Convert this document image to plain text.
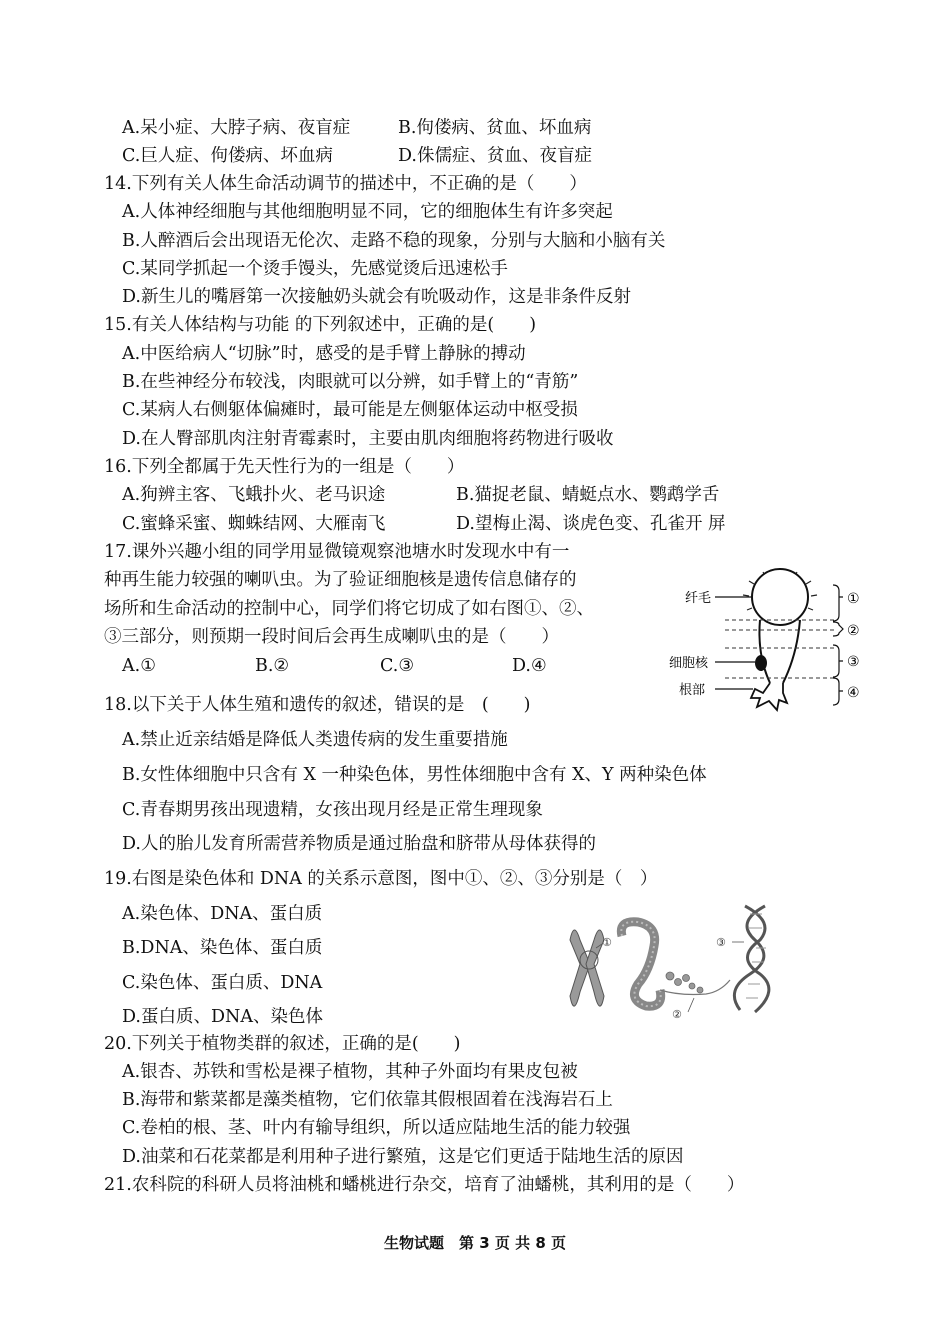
A.呆小症、大脖子病、夜盲症	B.佝偻病、贫血、坏血病
C.巨人症、佝偻病、坏血病	D.侏儒症、贫血、夜盲症
14.下列有关人体生命活动调节的描述中，不正确的是（　　）
A.人体神经细胞与其他细胞明显不同，它的细胞体生有许多突起
B.人醉酒后会出现语无伦次、走路不稳的现象，分别与大脑和小脑有关
C.某同学抓起一个烫手馒头，先感觉烫后迅速松手
D.新生儿的嘴唇第一次接触奶头就会有吮吸动作，这是非条件反射
15.有关人体结构与功能 的下列叙述中，正确的是(　　)
A.中医给病人“切脉”时，感受的是手臂上静脉的搏动
B.在些神经分布较浅，肉眼就可以分辨，如手臂上的“青筋”
C.某病人右侧躯体偏瘫时，最可能是左侧躯体运动中枢受损
D.在人臀部肌肉注射青霉素时，主要由肌肉细胞将药物进行吸收
16.下列全都属于先天性行为的一组是（　　）
A.狗辨主客、飞蛾扑火、老马识途	B.猫捉老鼠、蜻蜓点水、鹦鹉学舌
C.蜜蜂采蜜、蜘蛛结网、大雁南飞	D.望梅止渴、谈虎色变、孔雀开 屏
17.课外兴趣小组的同学用显微镜观察池塘水时发现水中有一
种再生能力较强的喇叭虫。为了验证细胞核是遗传信息储存的
场所和生命活动的控制中心，同学们将它切成了如右图①、②、
③三部分，则预期一段时间后会再生成喇叭虫的是（　　）
A.①	B.②	C.③	D.④
纤毛
细胞核
根部
①
②
③
④
18.以下关于人体生殖和遗传的叙述，错误的是　(　　)
A.禁止近亲结婚是降低人类遗传病的发生重要措施
B.女性体细胞中只含有 X 一种染色体，男性体细胞中含有 X、Y 两种染色体
C.青春期男孩出现遗精，女孩出现月经是正常生理现象
D.人的胎儿发育所需营养物质是通过胎盘和脐带从母体获得的
19.右图是染色体和 DNA 的关系示意图，图中①、②、③分别是（　）
A.染色体、DNA、蛋白质
B.DNA、染色体、蛋白质
C.染色体、蛋白质、DNA
D.蛋白质、DNA、染色体
①
②
③
20.下列关于植物类群的叙述，正确的是(　　)
A.银杏、苏铁和雪松是裸子植物，其种子外面均有果皮包被
B.海带和紫菜都是藻类植物，它们依靠其假根固着在浅海岩石上
C.卷柏的根、茎、叶内有输导组织，所以适应陆地生活的能力较强
D.油菜和石花菜都是利用种子进行繁殖，这是它们更适于陆地生活的原因
21.农科院的科研人员将油桃和蟠桃进行杂交，培育了油蟠桃，其利用的是（　　）
生物试题　第 3 页 共 8 页
